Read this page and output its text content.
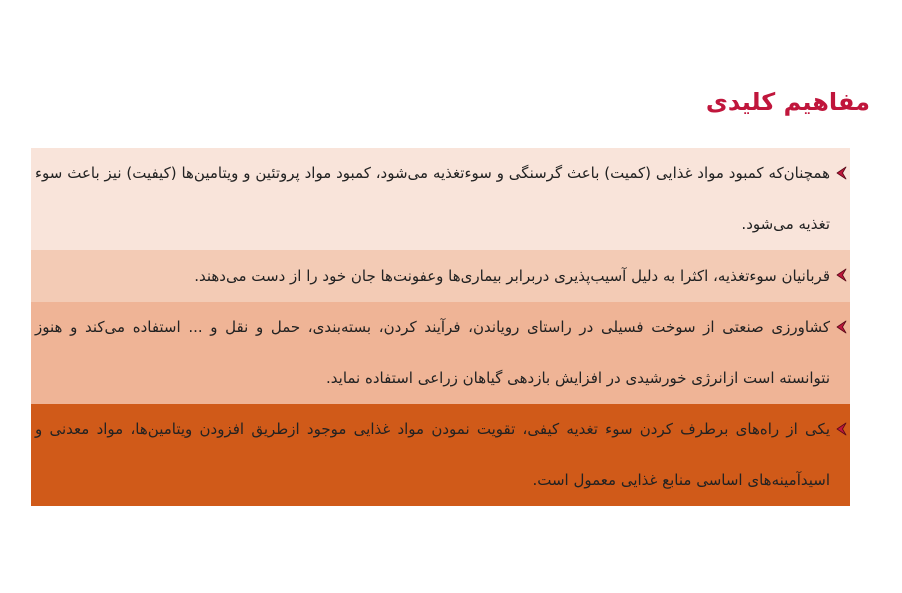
مفاهیم کلیدی
همچنان‌که کمبود مواد غذایی (کمیت) باعث گرسنگی و سوءتغذیه می‌شود، کمبود مواد پروتئین و ویتامین‌ها (کیفیت) نیز باعث سوء تغذیه می‌شود.
قربانیان سوءتغذیه، اکثرا به دلیل آسیب‌پذیری دربرابر بیماری‌ها وعفونت‌ها جان خود را از دست می‌دهند.
کشاورزی صنعتی از سوخت فسیلی در راستای رویاندن، فرآیند کردن، بسته‌بندی، حمل و نقل و ... استفاده می‌کند و هنوز نتوانسته است ازانرژی خورشیدی در افزایش بازدهی گیاهان زراعی استفاده نماید.
یکی از راه‌های برطرف کردن سوء تغدیه کیفی، تقویت نمودن مواد غذایی موجود ازطریق افزودن ویتامین‌ها، مواد معدنی و اسیدآمینه‌های اساسی منابع غذایی معمول است.
